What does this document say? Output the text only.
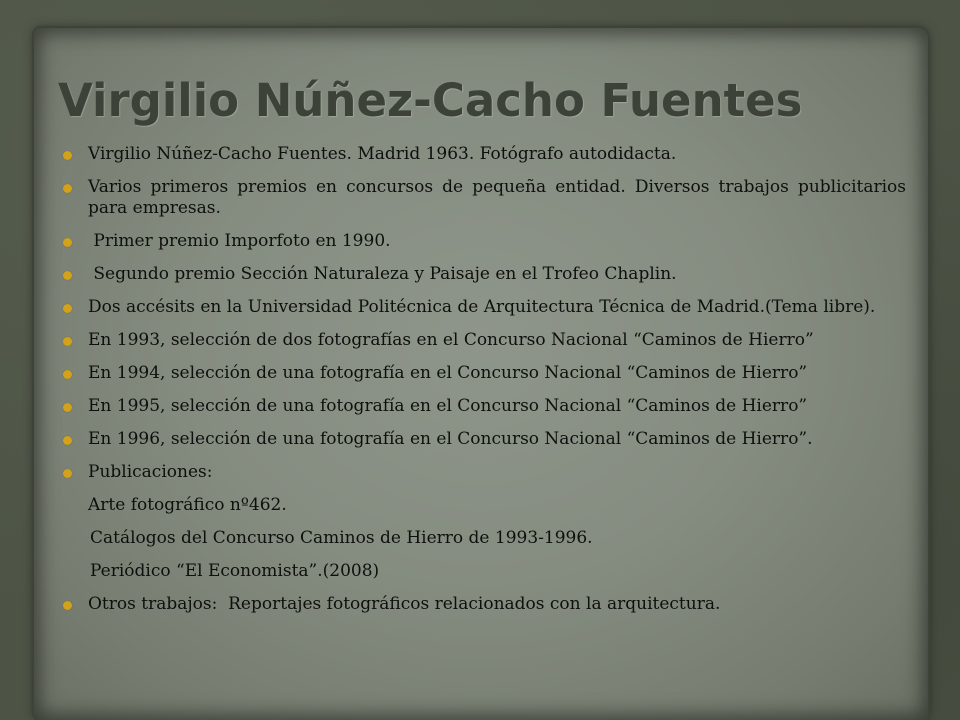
Virgilio Núñez-Cacho Fuentes
Virgilio Núñez-Cacho Fuentes. Madrid 1963. Fotógrafo autodidacta.
Varios primeros premios en concursos de pequeña entidad. Diversos trabajos publicitarios para empresas.
Primer premio Imporfoto en 1990.
Segundo premio Sección Naturaleza y Paisaje en el Trofeo Chaplin.
Dos accésits en la Universidad Politécnica de Arquitectura Técnica de Madrid.(Tema libre).
En 1993, selección de dos fotografías en el Concurso Nacional “Caminos de Hierro”
En 1994, selección de una fotografía en el Concurso Nacional “Caminos de Hierro”
En 1995, selección de una fotografía en el Concurso Nacional “Caminos de Hierro”
En 1996, selección de una fotografía en el Concurso Nacional “Caminos de Hierro”.
Publicaciones:
Arte fotográfico nº462.
Catálogos del Concurso Caminos de Hierro de 1993-1996.
Periódico “El Economista”.(2008)
Otros trabajos:  Reportajes fotográficos relacionados con la arquitectura.
